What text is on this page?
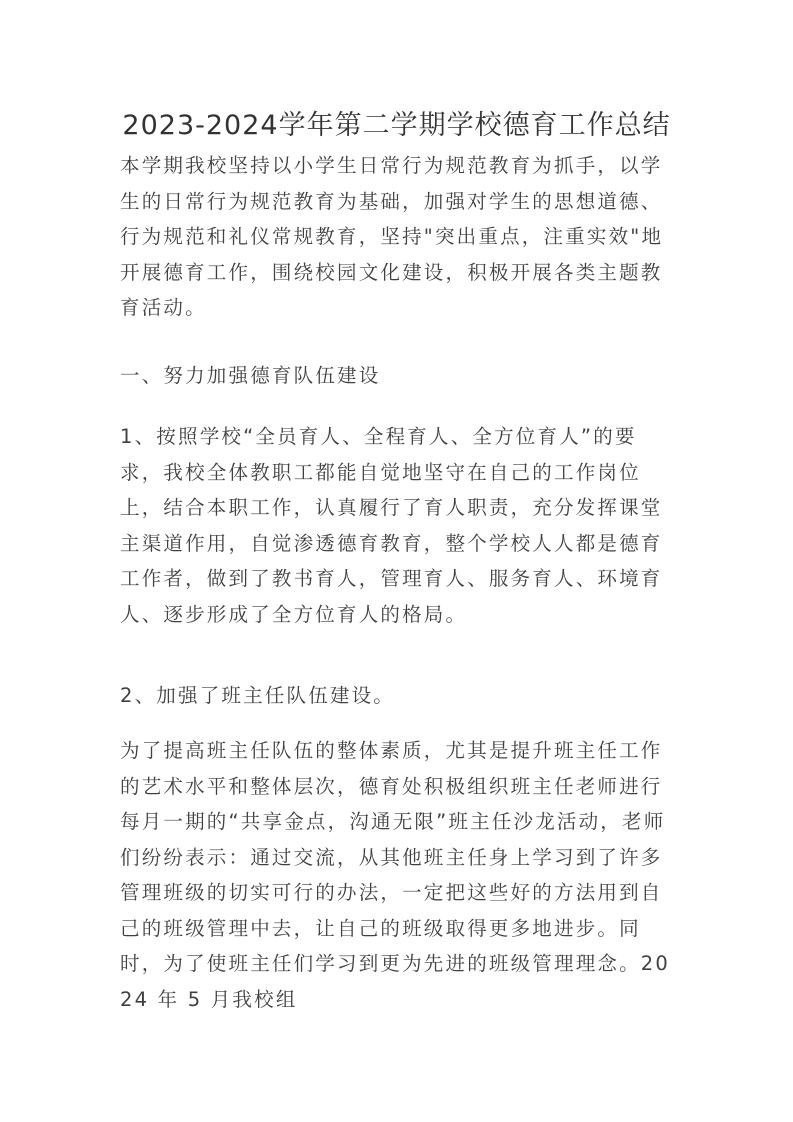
2023-2024学年第二学期学校德育工作总结

本学期我校坚持以小学生日常行为规范教育为抓手，以学生的日常行为规范教育为基础，加强对学生的思想道德、行为规范和礼仪常规教育，坚持"突出重点，注重实效"地开展德育工作，围绕校园文化建设，积极开展各类主题教育活动。

一、努力加强德育队伍建设

1、按照学校“全员育人、全程育人、全方位育人”的要求，我校全体教职工都能自觉地坚守在自己的工作岗位上，结合本职工作，认真履行了育人职责，充分发挥课堂主渠道作用，自觉渗透德育教育，整个学校人人都是德育工作者，做到了教书育人，管理育人、服务育人、环境育人、逐步形成了全方位育人的格局。

2、加强了班主任队伍建设。

为了提高班主任队伍的整体素质，尤其是提升班主任工作的艺术水平和整体层次，德育处积极组织班主任老师进行每月一期的“共享金点，沟通无限”班主任沙龙活动，老师们纷纷表示：通过交流，从其他班主任身上学习到了许多管理班级的切实可行的办法，一定把这些好的方法用到自己的班级管理中去，让自己的班级取得更多地进步。同时，为了使班主任们学习到更为先进的班级管理理念。2024 年 5 月我校组
